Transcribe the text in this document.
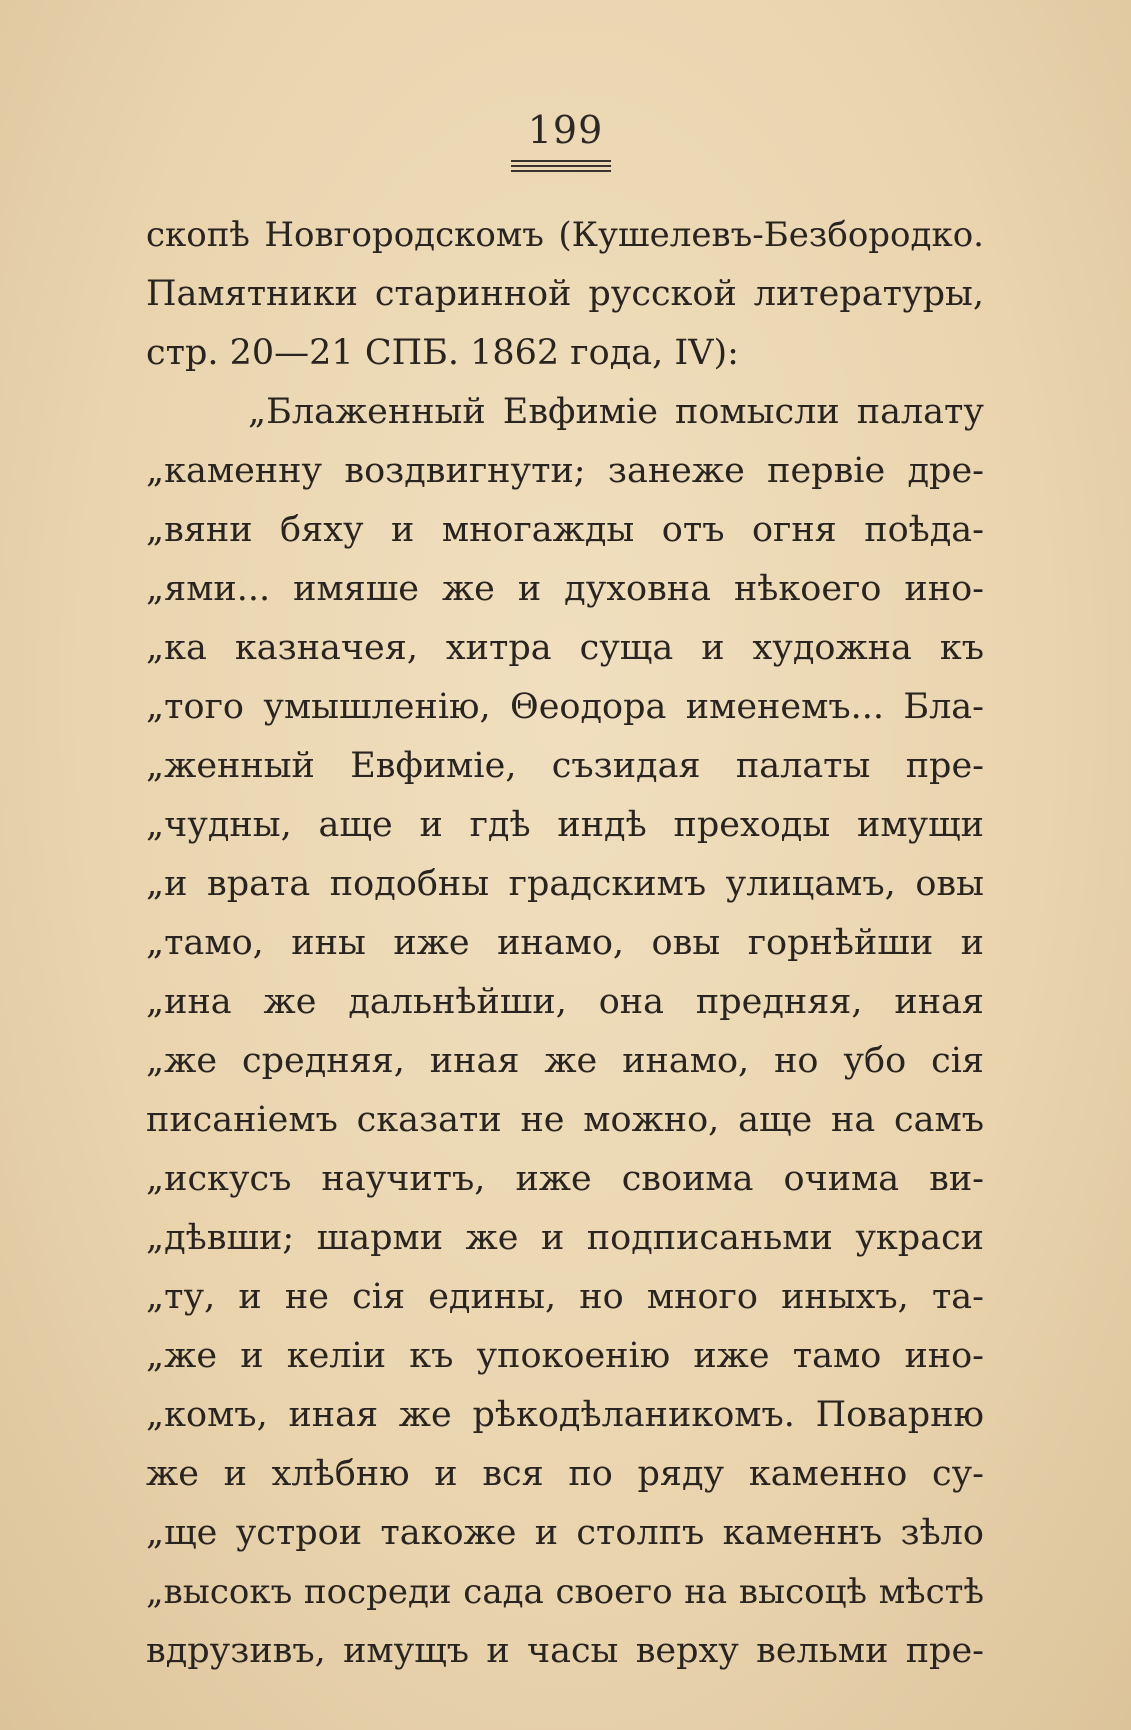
199
скопѣ Новгородскомъ (Кушелевъ-Безбородко.
Памятники старинной русской литературы,
стр. 20—21 СПБ. 1862 года, IV):
„Блаженный Евфимiе помысли палату
„каменну воздвигнути; занеже первiе дре-
„вяни бяху и многажды отъ огня поѣда-
„ями... имяше же и духовна нѣкоего ино-
„ка казначея, хитра суща и художна къ
„того умышленiю, Θеодора именемъ... Бла-
„женный Евфимiе, съзидая палаты пре-
„чудны, аще и гдѣ индѣ преходы имущи
„и врата подобны градскимъ улицамъ, овы
„тамо, ины иже инамо, овы горнѣйши и
„ина же дальнѣйши, она предняя, иная
„же средняя, иная же инамо, но убо сiя
писанiемъ сказати не можно, аще на самъ
„искусъ научитъ, иже своима очима ви-
„дѣвши; шарми же и подписаньми украси
„ту, и не сiя едины, но много иныхъ, та-
„же и келiи къ упокоенiю иже тамо ино-
„комъ, иная же рѣкодѣланикомъ. Поварню
же и хлѣбню и вся по ряду каменно су-
„ще устрои такоже и столпъ каменнъ зѣло
„высокъ посреди сада своего на высоцѣ мѣстѣ
вдрузивъ, имущъ и часы верху вельми пре-
